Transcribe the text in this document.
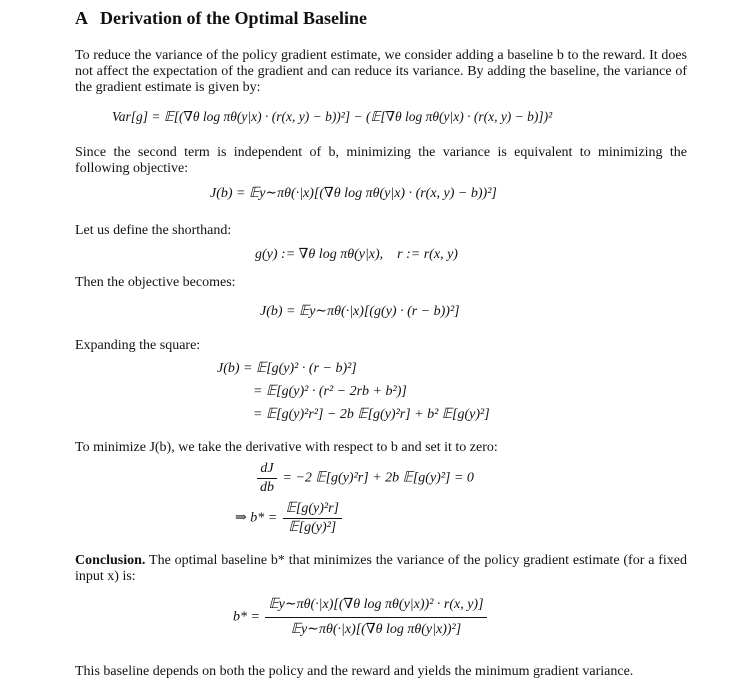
A Derivation of the Optimal Baseline
To reduce the variance of the policy gradient estimate, we consider adding a baseline b to the reward. It does not affect the expectation of the gradient and can reduce its variance. By adding the baseline, the variance of the gradient estimate is given by:
Var[g] = 𝔼[(∇θ log πθ(y|x) · (r(x, y) − b))²] − (𝔼[∇θ log πθ(y|x) · (r(x, y) − b)])²
Since the second term is independent of b, minimizing the variance is equivalent to minimizing the following objective:
J(b) = 𝔼y∼πθ(·|x)[(∇θ log πθ(y|x) · (r(x, y) − b))²]
Let us define the shorthand:
g(y) := ∇θ log πθ(y|x),    r := r(x, y)
Then the objective becomes:
J(b) = 𝔼y∼πθ(·|x)[(g(y) · (r − b))²]
Expanding the square:
J(b) = 𝔼[g(y)² · (r − b)²]
= 𝔼[g(y)² · (r² − 2rb + b²)]
= 𝔼[g(y)²r²] − 2b 𝔼[g(y)²r] + b² 𝔼[g(y)²]
To minimize J(b), we take the derivative with respect to b and set it to zero:
$\frac{dJ}{db} = -2$ 𝔼[g(y)²r] + 2b 𝔼[g(y)²] = 0
⇒ $b* = \frac{\text{𝔼[g(y)²r]}}{\text{𝔼[g(y)²]}}$
Conclusion. The optimal baseline b* that minimizes the variance of the policy gradient estimate (for a fixed input x) is:
$b* = \frac{\text{𝔼y∼πθ(·|x)[(∇θ log πθ(y|x))² · r(x, y)]}}{\text{𝔼y∼πθ(·|x)[(∇θ log πθ(y|x))²]}}$
This baseline depends on both the policy and the reward and yields the minimum gradient variance.
